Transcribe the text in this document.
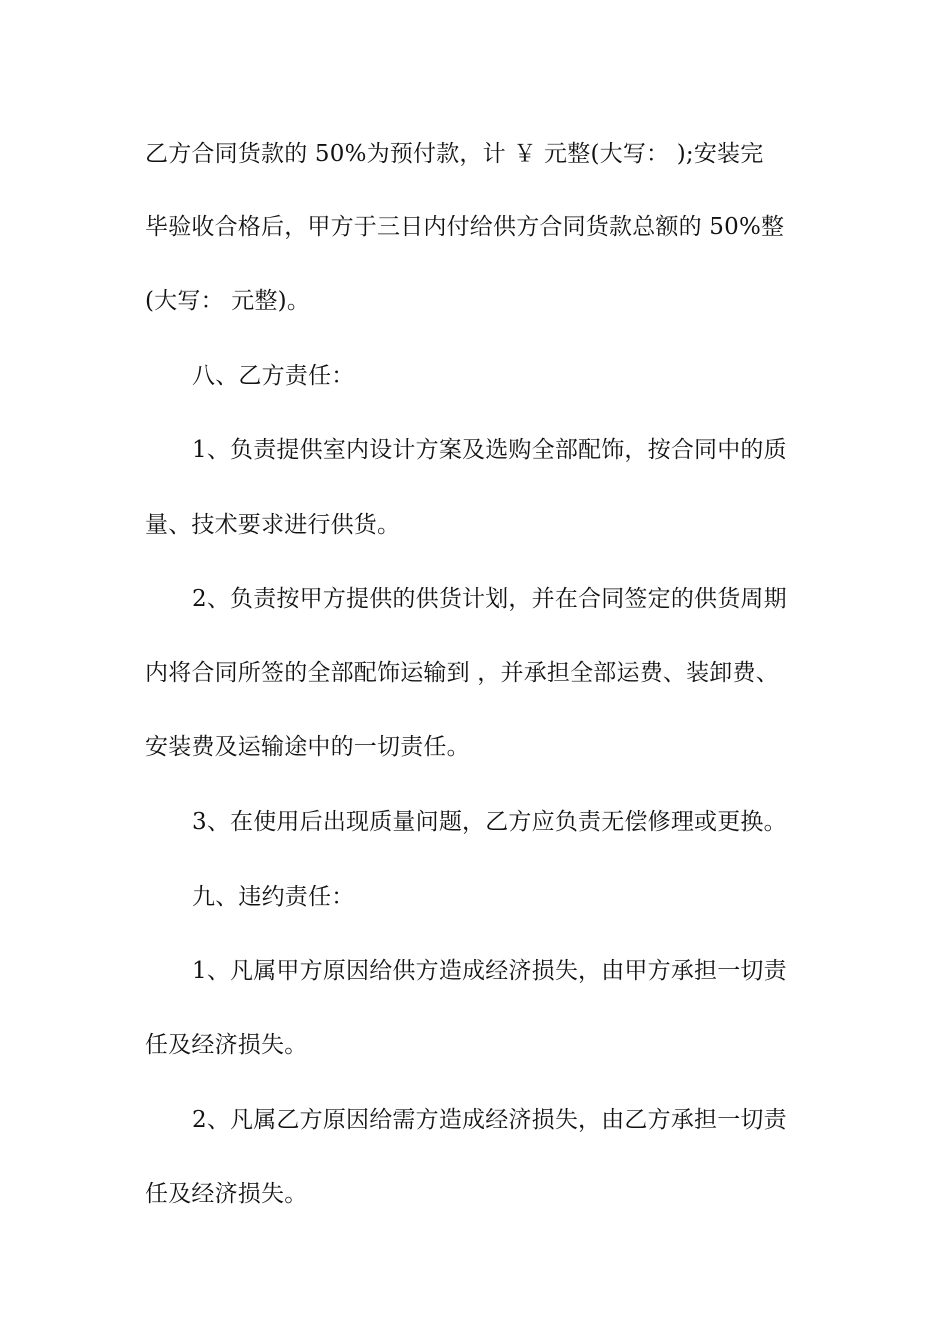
乙方合同货款的 50%为预付款，计 ￥ 元整(大写： );安装完
毕验收合格后，甲方于三日内付给供方合同货款总额的 50%整
(大写： 元整)。
八、乙方责任：
1、负责提供室内设计方案及选购全部配饰，按合同中的质
量、技术要求进行供货。
2、负责按甲方提供的供货计划，并在合同签定的供货周期
内将合同所签的全部配饰运输到 ，并承担全部运费、装卸费、
安装费及运输途中的一切责任。
3、在使用后出现质量问题，乙方应负责无偿修理或更换。
九、违约责任：
1、凡属甲方原因给供方造成经济损失，由甲方承担一切责
任及经济损失。
2、凡属乙方原因给需方造成经济损失，由乙方承担一切责
任及经济损失。
